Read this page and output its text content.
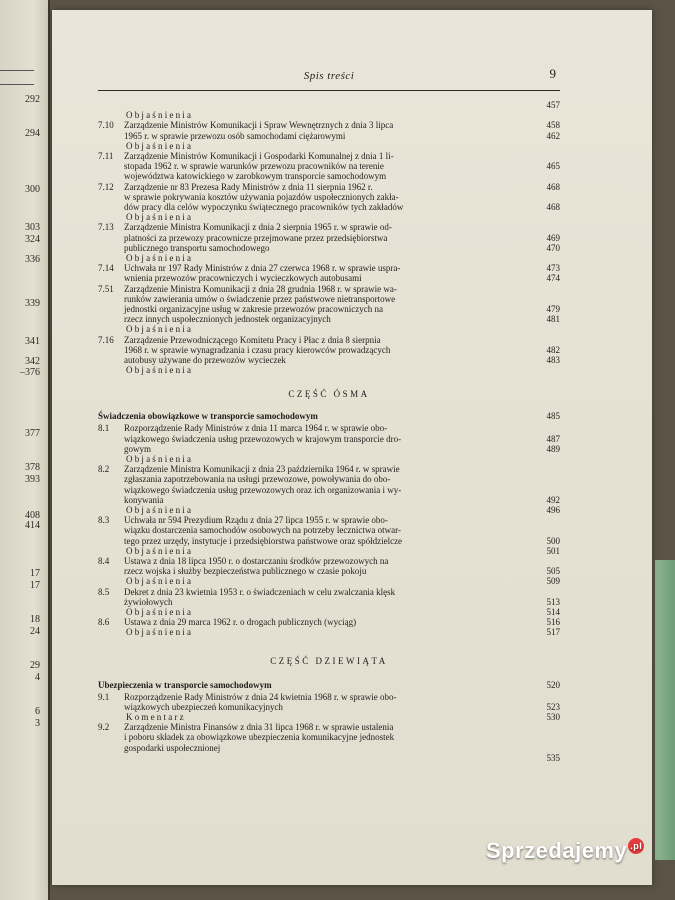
292
294
300
303
324
336
339
341
342
–376
377
378
393
408
414
17
17
18
24
29
4
6
3
Spis treści	9
457
Objaśnienia
7.10 Zarządzenie Ministrów Komunikacji i Spraw Wewnętrznych z dnia 3 lipca	458
1965 r. w sprawie przewozu osób samochodami ciężarowymi	462
Objaśnienia
7.11 Zarządzenie Ministrów Komunikacji i Gospodarki Komunalnej z dnia 1 li-
stopada 1962 r. w sprawie warunków przewozu pracowników na terenie	465
województwa katowickiego w zarobkowym transporcie samochodowym
7.12 Zarządzenie nr 83 Prezesa Rady Ministrów z dnia 11 sierpnia 1962 r.	468
w sprawie pokrywania kosztów używania pojazdów uspołecznionych zakła-
dów pracy dla celów wypoczynku świątecznego pracowników tych zakładów	468
Objaśnienia
7.13 Zarządzenie Ministra Komunikacji z dnia 2 sierpnia 1965 r. w sprawie od-
platności za przewozy pracownicze przejmowane przez przedsiębiorstwa	469
publicznego transportu samochodowego	470
Objaśnienia
7.14 Uchwała nr 197 Rady Ministrów z dnia 27 czerwca 1968 r. w sprawie uspra-	473
wnienia przewozów pracowniczych i wycieczkowych autobusami	474
7.51 Zarządzenie Ministra Komunikacji z dnia 28 grudnia 1968 r. w sprawie wa-
runków zawierania umów o świadczenie przez państwowe nietransportowe
jednostki organizacyjne usług w zakresie przewozów pracowniczych na	479
rzecz innych uspołecznionych jednostek organizacyjnych	481
Objaśnienia
7.16 Zarządzenie Przewodniczącego Komitetu Pracy i Płac z dnia 8 sierpnia
1968 r. w sprawie wynagradzania i czasu pracy kierowców prowadzących	482
autobusy używane do przewozów wycieczek	483
Objaśnienia
CZĘŚĆ ÓSMA
Świadczenia obowiązkowe w transporcie samochodowym	485
8.1 Rozporządzenie Rady Ministrów z dnia 11 marca 1964 r. w sprawie obo-
wiązkowego świadczenia usług przewozowych w krajowym transporcie dro-	487
gowym	489
Objaśnienia
8.2 Zarządzenie Ministra Komunikacji z dnia 23 października 1964 r. w sprawie
zgłaszania zapotrzebowania na usługi przewozowe, powoływania do obo-
wiązkowego świadczenia usług przewozowych oraz ich organizowania i wy-
konywania	492
Objaśnienia	496
8.3 Uchwała nr 594 Prezydium Rządu z dnia 27 lipca 1955 r. w sprawie obo-
wiązku dostarczenia samochodów osobowych na potrzeby lecznictwa otwar-
tego przez urzędy, instytucje i przedsiębiorstwa państwowe oraz spółdzielcze	500
Objaśnienia	501
8.4 Ustawa z dnia 18 lipca 1950 r. o dostarczaniu środków przewozowych na
rzecz wojska i służby bezpieczeństwa publicznego w czasie pokoju	505
Objaśnienia	509
8.5 Dekret z dnia 23 kwietnia 1953 r. o świadczeniach w celu zwalczania klęsk
żywiołowych	513
Objaśnienia	514
8.6 Ustawa z dnia 29 marca 1962 r. o drogach publicznych (wyciąg)	516
Objaśnienia	517
CZĘŚĆ DZIEWIĄTA
Ubezpieczenia w transporcie samochodowym	520
9.1 Rozporządzenie Rady Ministrów z dnia 24 kwietnia 1968 r. w sprawie obo-
wiązkowych ubezpieczeń komunikacyjnych	523
Komentarz	530
9.2 Zarządzenie Ministra Finansów z dnia 31 lipca 1968 r. w sprawie ustalenia
i poboru składek za obowiązkowe ubezpieczenia komunikacyjne jednostek
gospodarki uspołecznionej
535
Sprzedajemy .pl
